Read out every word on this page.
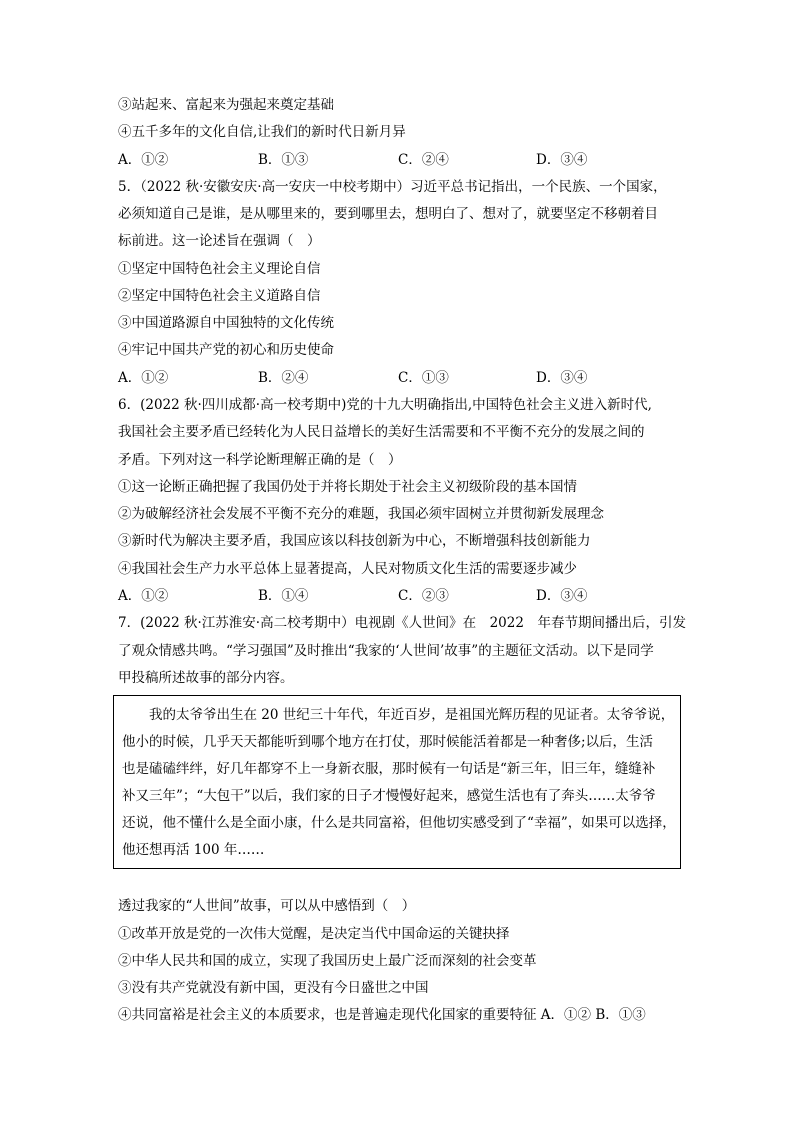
③站起来、富起来为强起来奠定基础
④五千多年的文化自信,让我们的新时代日新月异
A．①②	B．①③	C．②④	D．③④
5．（2022 秋·安徽安庆·高一安庆一中校考期中）习近平总书记指出，一个民族、一个国家，
必须知道自己是谁，是从哪里来的，要到哪里去，想明白了、想对了，就要坚定不移朝着目
标前进。这一论述旨在强调（　）
①坚定中国特色社会主义理论自信
②坚定中国特色社会主义道路自信
③中国道路源自中国独特的文化传统
④牢记中国共产党的初心和历史使命
A．①②	B．②④	C．①③	D．③④
6．(2022 秋·四川成都·高一校考期中)党的十九大明确指出,中国特色社会主义进入新时代,
我国社会主要矛盾已经转化为人民日益增长的美好生活需要和不平衡不充分的发展之间的
矛盾。下列对这一科学论断理解正确的是（　）
①这一论断正确把握了我国仍处于并将长期处于社会主义初级阶段的基本国情
②为破解经济社会发展不平衡不充分的难题，我国必须牢固树立并贯彻新发展理念
③新时代为解决主要矛盾，我国应该以科技创新为中心，不断增强科技创新能力
④我国社会生产力水平总体上显著提高，人民对物质文化生活的需要逐步减少
A．①②	B．①④	C．②③	D．③④
7．(2022 秋·江苏淮安·高二校考期中）电视剧《人世间》在　2022　年春节期间播出后，引发
了观众情感共鸣。“学习强国”及时推出“我家的‘人世间’故事”的主题征文活动。以下是同学
甲投稿所述故事的部分内容。
　　我的太爷爷出生在 20 世纪三十年代，年近百岁，是祖国光辉历程的见证者。太爷爷说，
他小的时候，几乎天天都能听到哪个地方在打仗，那时候能活着都是一种奢侈;以后，生活
也是磕磕绊绊，好几年都穿不上一身新衣服，那时候有一句话是“新三年，旧三年，缝缝补
补又三年”；“大包干”以后，我们家的日子才慢慢好起来，感觉生活也有了奔头……太爷爷
还说，他不懂什么是全面小康，什么是共同富裕，但他切实感受到了“幸福”，如果可以选择，
他还想再活 100 年……
透过我家的“人世间”故事，可以从中感悟到（　）
①改革开放是党的一次伟大觉醒，是决定当代中国命运的关键抉择
②中华人民共和国的成立，实现了我国历史上最广泛而深刻的社会变革
③没有共产党就没有新中国，更没有今日盛世之中国
④共同富裕是社会主义的本质要求，也是普遍走现代化国家的重要特征 A．①② B．①③
